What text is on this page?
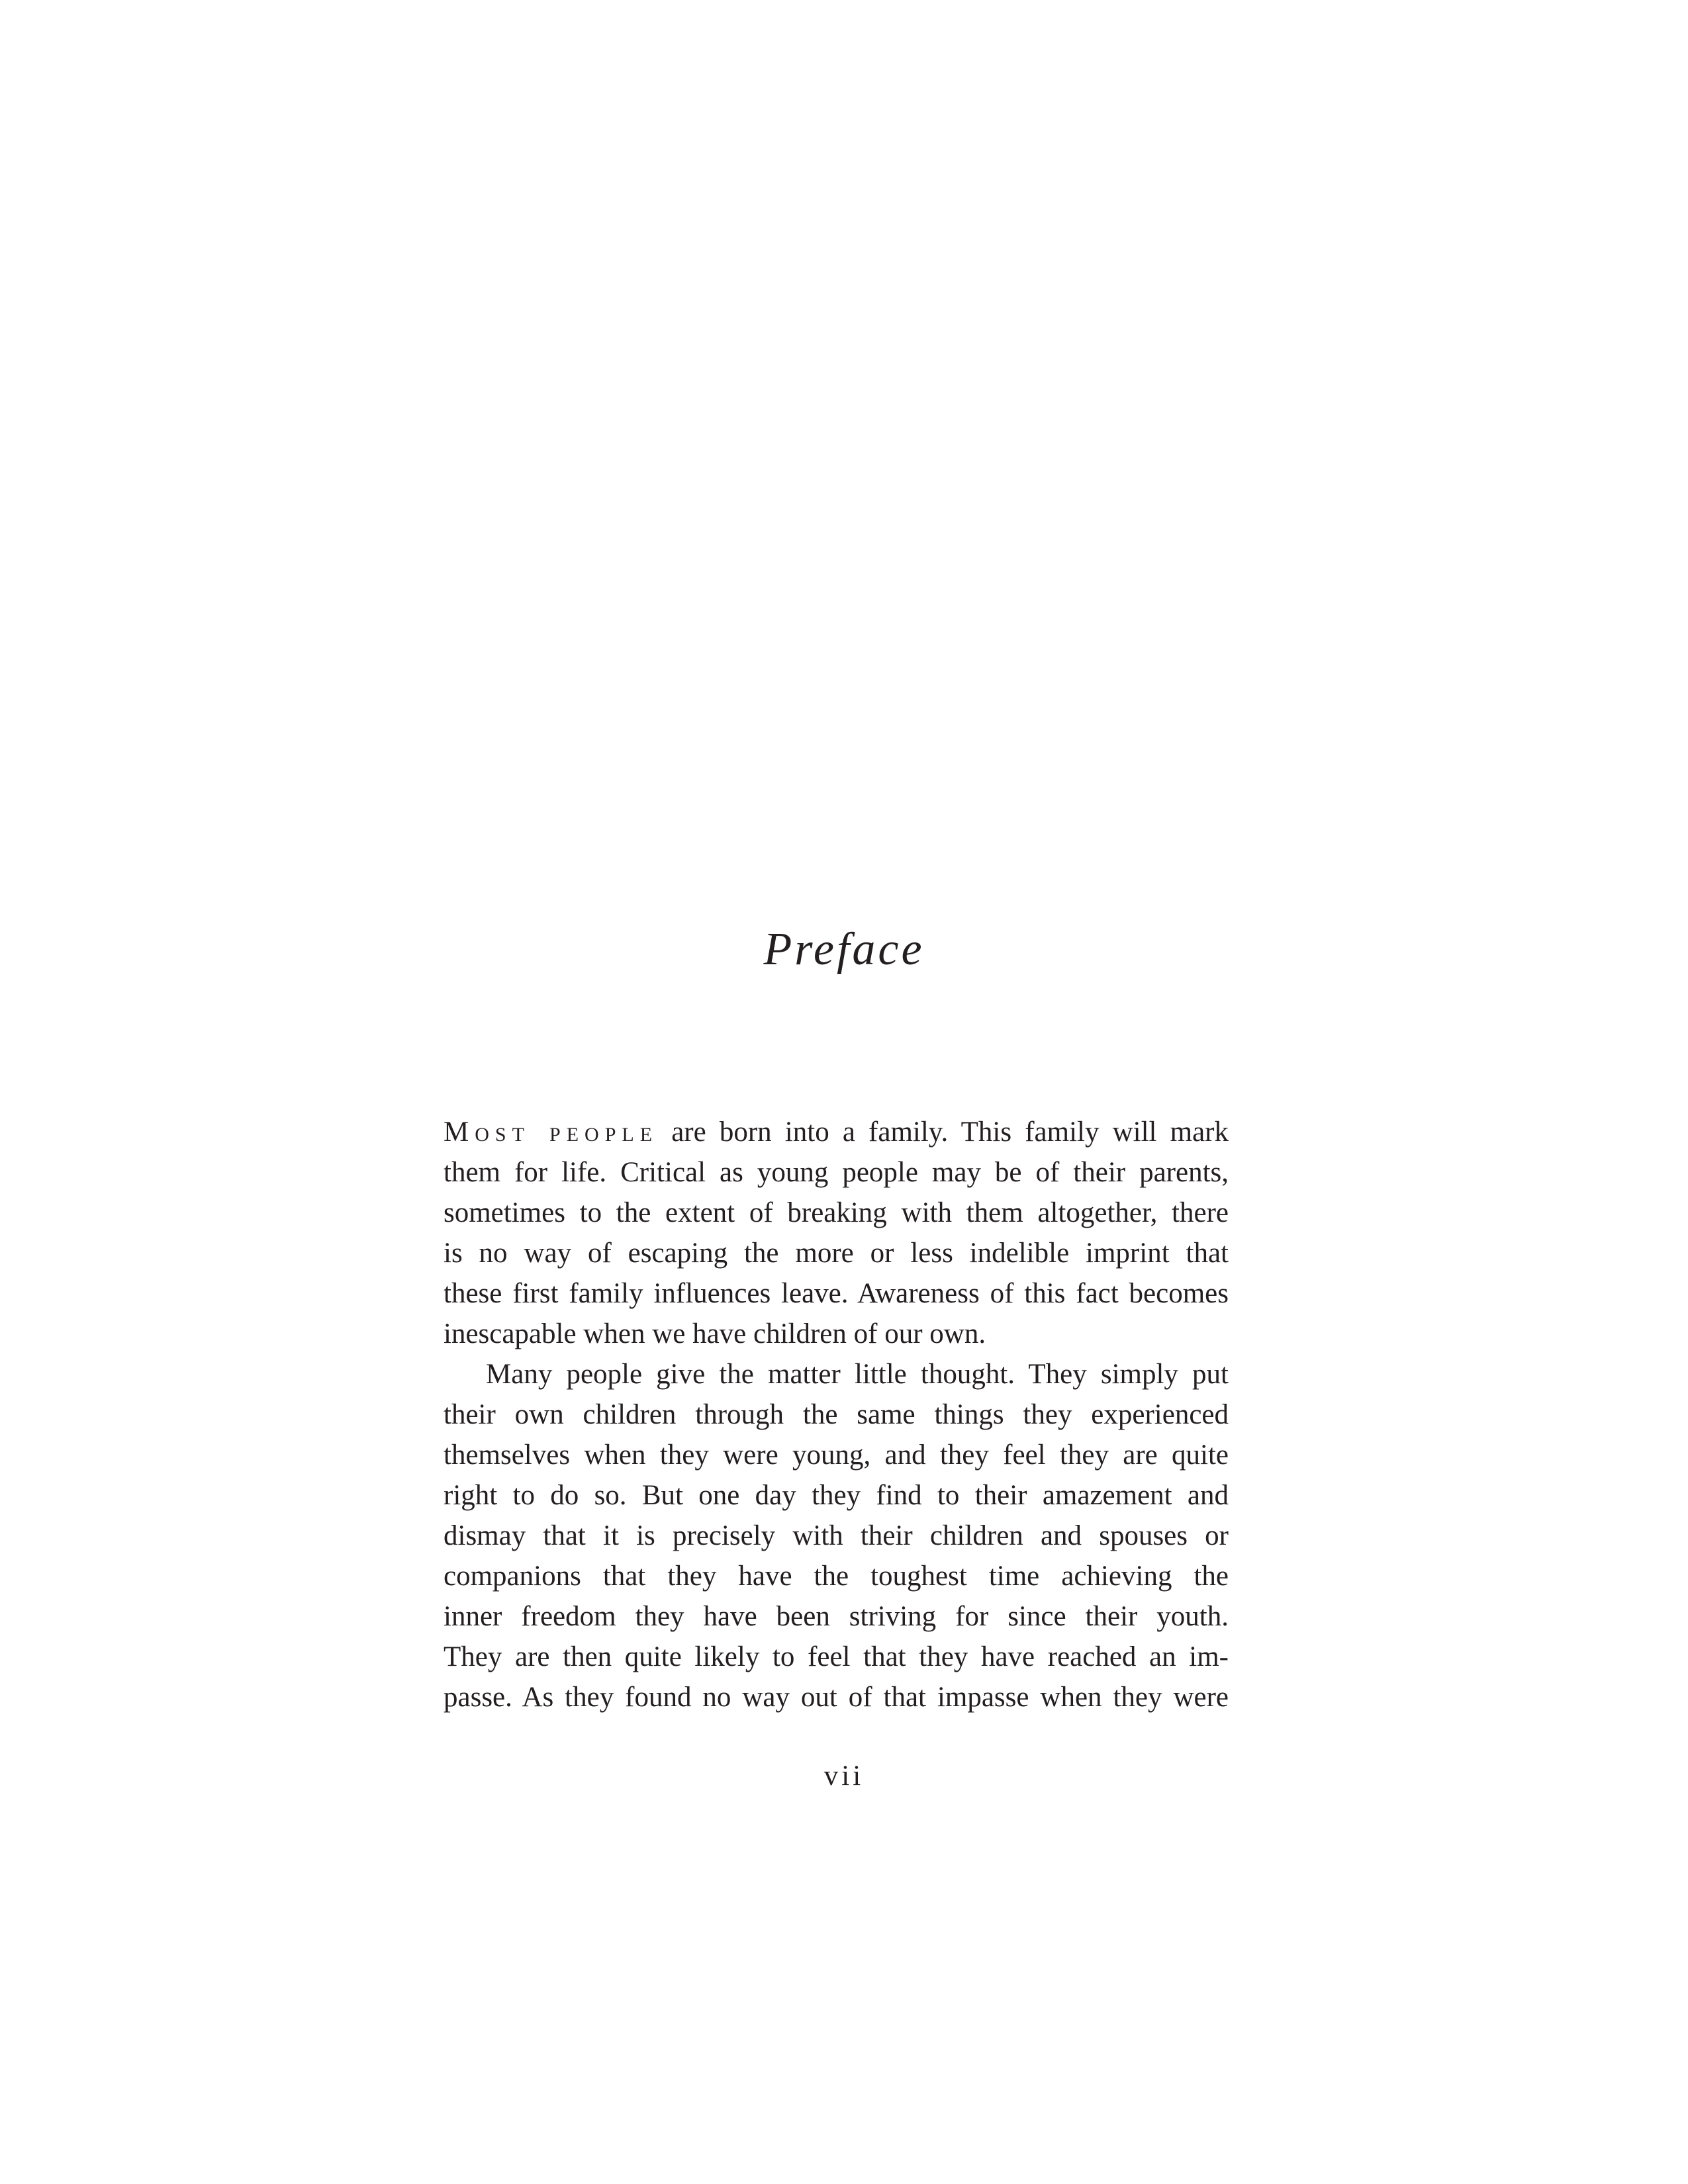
Preface
Most people are born into a family. This family will mark
them for life. Critical as young people may be of their parents,
sometimes to the extent of breaking with them altogether, there
is no way of escaping the more or less indelible imprint that
these first family influences leave. Awareness of this fact becomes
inescapable when we have children of our own.
Many people give the matter little thought. They simply put
their own children through the same things they experienced
themselves when they were young, and they feel they are quite
right to do so. But one day they find to their amazement and
dismay that it is precisely with their children and spouses or
companions that they have the toughest time achieving the
inner freedom they have been striving for since their youth.
They are then quite likely to feel that they have reached an im-
passe. As they found no way out of that impasse when they were
vii
